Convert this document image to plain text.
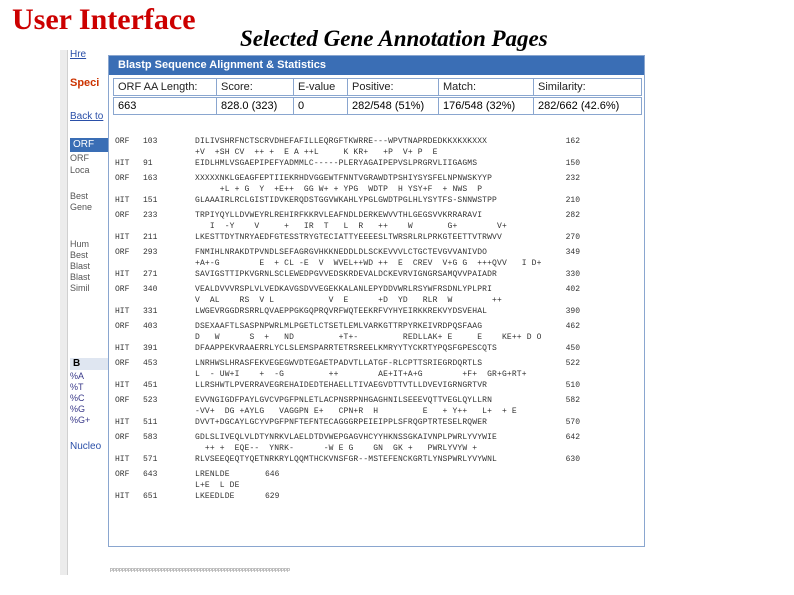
User Interface
Selected Gene Annotation Pages
Hre
Speci
Back to
ORF
ORF
Loca
Best
Gene
Hum
Best
Blast
Blast
Simil
B
%A
%T
%C
%G
%G+
Nucleo
Blastp Sequence Alignment & Statistics
ORF AA Length:
663
Score:
828.0 (323)
E-value
0
Positive:
282/548 (51%)
Match:
176/548 (32%)
Similarity:
282/662 (42.6%)
ORF	103	DILIVSHRFNCTSCRVDHEFAFILLEQRGFTKWRRE---WPVTNAPRDEDKKXKXKXXX	162
+V  +SH CV  ++ +  E A ++L     K KR+   +P  V+ P  E
HIT	91	EIDLHMLVSGAEPIPEFYADMMLC-----PLERYAGAIPEPVSLPRGRVLIIGAGMS	150
ORF	163	XXXXXNKLGEAGFEPTIIEKRHDVGGEWTFNNTVGRAWDTPSHIYSYSFELNPNWSKYYP	232
+L + G  Y  +E++  GG W+ + YPG  WDTP  H YSY+F  + NWS  P
HIT	151	GLAAAIRLRCLGISTIDVKERQDSTGGVWKAHLYPGLGWDTPGLHLYSYTFS-SNNWSTPP	210
ORF	233	TRPIYQYLLDVWEYRLREHIRFKKRVLEAFNDLDERKEWVVTHLGEGSVVKRRARAVI	282
I  -Y    V     +   IR  T   L  R   ++    W       G+        V+
HIT	211	LKESTTDYTNRYAEDFGTESSTRYGTECIATTYEEEESLTWRSRLRLPRKGTEETTVTRWVV	270
ORF	293	FNMIHLNRAKDTPVNDLSEFAGRGVHKKNEDDLDLSCKEVVVLCTGCTEVGVVANIVDO	349
+A+-G        E  + CL -E  V  WVEL++WD ++  E  CREV  V+G G  +++QVV   I D+
HIT	271	SAVIGSTTIPKVGRNLSCLEWEDPGVVEDSKRDEVALDCKEVRVIGNGRSAMQVVPAIADR	330
ORF	340	VEALDVVVRSPLVLVEDKAVGSDVVEGEKKALANLEPYDDVWRLRSYWFRSDNLYPLPRI	402
V  AL    RS  V L           V  E      +D  YD   RLR  W        ++
HIT	331	LWGEVRGGDRSRRLQVAEPPGKGQPRQVRFWQTEEKRFVYHYEIRKKREKVYDSVEHAL	390
ORF	403	DSEXAAFTLSASPNPWRLMLPGETLCTSETLEMLVARKGTTRPYRKEIVRDPQSFAAG	462
D   W      S  +   ND         +T+-         REDLLAK+ E     E    KE++ D O
HIT	391	DFAAPPEKVRAAERRLYCLSLEMSPARRTETRSREELKMRYYTYCKRTYPQSFGPESCQTS	450
ORF	453	LNRHWSLHRASFEKVEGEGWVDTEGAETPADVTLLATGF-RLCPTTSRIEGRDQRTLS	522
L  - UW+I    +  -G         ++        AE+IT+A+G        +F+  GR+G+RT+
HIT	451	LLRSHWTLPVERRAVEGREHAIDEDTEHAELLTIVAEGVDTTVTLLDVEVIGRNGRTVR	510
ORF	523	EVVNGIGDFPAYLGVCVPGFPNLETLACPNSRPNHGAGHNILSEEEVQTTVEGLQYLLRN	582
-VV+  DG +AYLG   VAGGPN E+   CPN+R  H         E   + Y++   L+  + E
HIT	511	DVVT+DGCAYLGCYVPGFPNFTEFNTECAGGGRPEIEIPPLSFRQGPTRTESELRQWER	570
ORF	583	GDLSLIVEQLVLDTYNRKVLAELDTDVWEPGAGVHCYYHKNSSGKAIVNPLPWRLYVYWIE	642
++ +  EQE--  YNRK-      -W E G    GN  GK +   PWRLYVYW +
HIT	571	RLVSEEQEQTYQETNRKRYLQQMTHCKVNSFGR--MSTEFENCKGRTLYNSPWRLYVYWNL	630
ORF	643	LRENLDE	646
L+E  L DE
HIT	651	LKEEDLDE	629
pppppppppppppppppppppppppppppppppppppppppppppppppppppppppppp
